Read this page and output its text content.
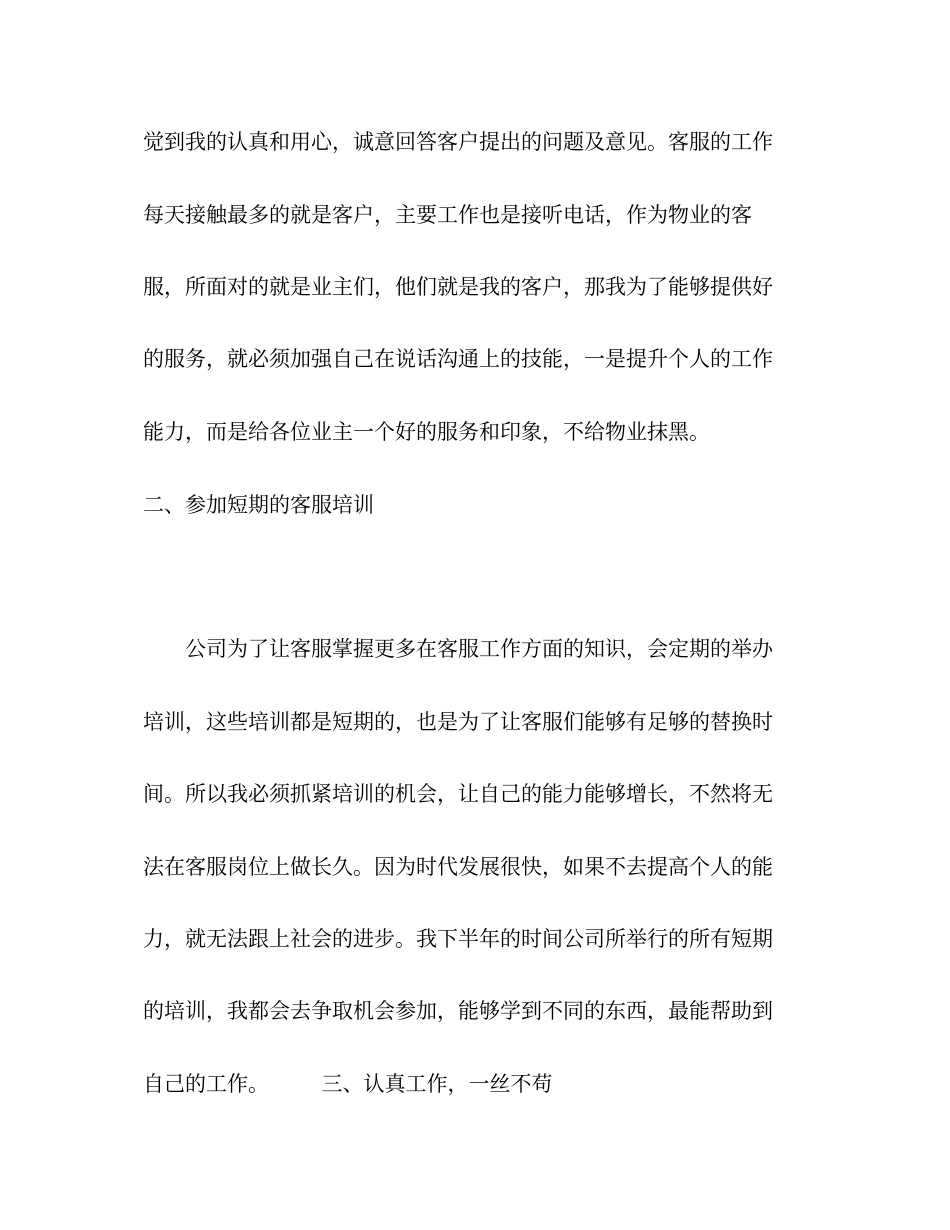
觉到我的认真和用心，诚意回答客户提出的问题及意见。客服的工作
每天接触最多的就是客户，主要工作也是接听电话，作为物业的客
服，所面对的就是业主们，他们就是我的客户，那我为了能够提供好
的服务，就必须加强自己在说话沟通上的技能，一是提升个人的工作
能力，而是给各位业主一个好的服务和印象，不给物业抹黑。
二、参加短期的客服培训
　　公司为了让客服掌握更多在客服工作方面的知识，会定期的举办
培训，这些培训都是短期的，也是为了让客服们能够有足够的替换时
间。所以我必须抓紧培训的机会，让自己的能力能够增长，不然将无
法在客服岗位上做长久。因为时代发展很快，如果不去提高个人的能
力，就无法跟上社会的进步。我下半年的时间公司所举行的所有短期
的培训，我都会去争取机会参加，能够学到不同的东西，最能帮助到
自己的工作。　　　三、认真工作，一丝不苟
